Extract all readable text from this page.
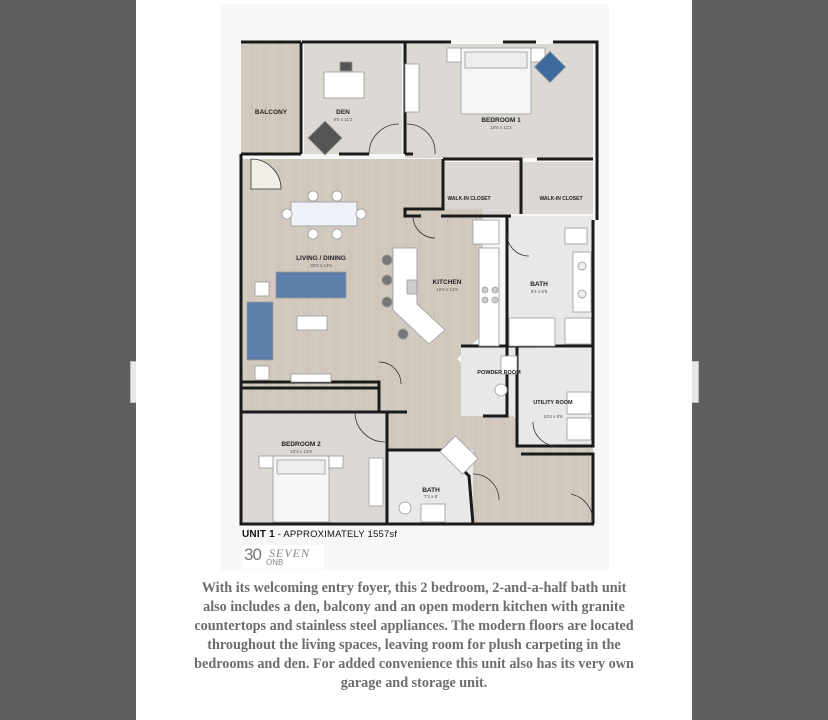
BALCONY	DEN
BEDROOM 1
WALK-IN CLOSET	WALK-IN CLOSET
LIVING / DINING
KITCHEN	BATH
POWDER ROOM
UTILITY ROOM
BEDROOM 2
BATH
9'5 x 11'2
18'6 x 11'2
33'8 x 14'6
16'8 x 12'6	9'4 x 8'6
10'4 x 8'8
13'3 x 13'9
7'3 x 8'
UNIT 1 - APPROXIMATELY 1557sf
30 SEVEN
ONB
With its welcoming entry foyer, this 2 bedroom, 2-and-a-half bath unit also includes a den, balcony and an open modern kitchen with granite countertops and stainless steel appliances. The modern floors are located throughout the living spaces, leaving room for plush carpeting in the bedrooms and den. For added convenience this unit also has its very own garage and storage unit.
